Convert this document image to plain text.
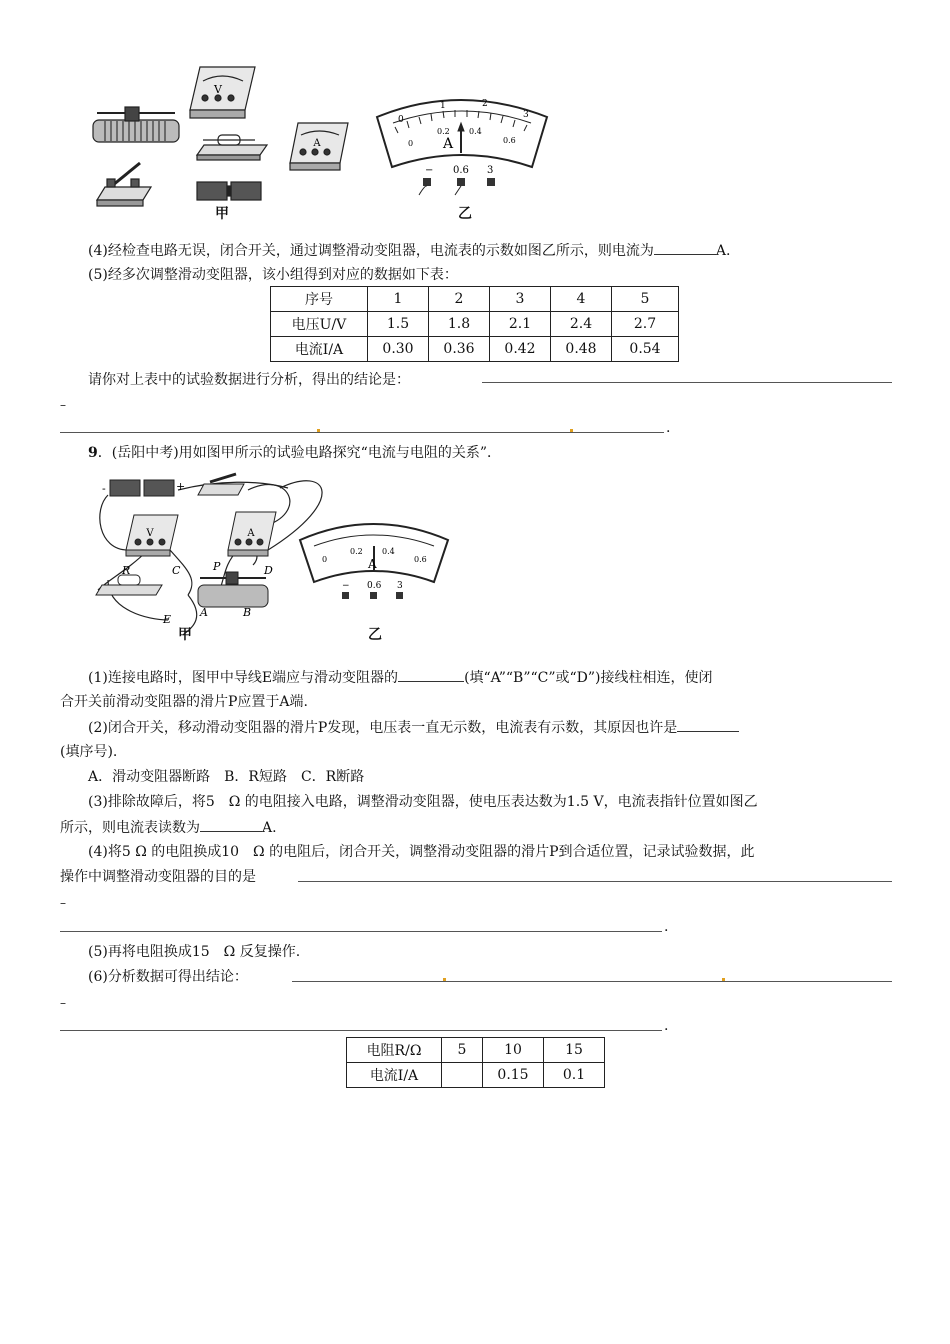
V
A
0
1	2
3
0
0.2 0.4
0.6
A
− 0.6 3
甲	乙
(4)经检查电路无误，闭合开关，通过调整滑动变阻器，电流表的示数如图乙所示，则电流为	A.
(5)经多次调整滑动变阻器，该小组得到对应的数据如下表：
序号	1	2	3	4	5
电压U/V	1.5	1.8	2.1	2.4	2.7
电流I/A	0.30	0.36	0.42	0.48	0.54
请你对上表中的试验数据进行分析，得出的结论是：
–
.
9．(岳阳中考)用如图甲所示的试验电路探究“电流与电阻的关系”．
-	+
V	A
R	C	P	D
A	B
E
0
0.2 0.4
0.6
A
− 0.6 3
甲	乙
(1)连接电路时，图甲中导线E端应与滑动变阻器的	(填“A”“B”“C”或“D”)接线柱相连，使闭
合开关前滑动变阻器的滑片P应置于A端.
(2)闭合开关，移动滑动变阻器的滑片P发现，电压表一直无示数，电流表有示数，其原因也许是
(填序号).
A．滑动变阻器断路　B．R短路　C．R断路
(3)排除故障后，将5　Ω 的电阻接入电路，调整滑动变阻器，使电压表达数为1.5 V，电流表指针位置如图乙
所示，则电流表读数为	A.
(4)将5 Ω 的电阻换成10　Ω 的电阻后，闭合开关，调整滑动变阻器的滑片P到合适位置，记录试验数据，此
操作中调整滑动变阻器的目的是
–
.
(5)再将电阻换成15　Ω 反复操作.
(6)分析数据可得出结论：
–
.
电阻R/Ω	5	10	15
电流I/A		0.15	0.1
